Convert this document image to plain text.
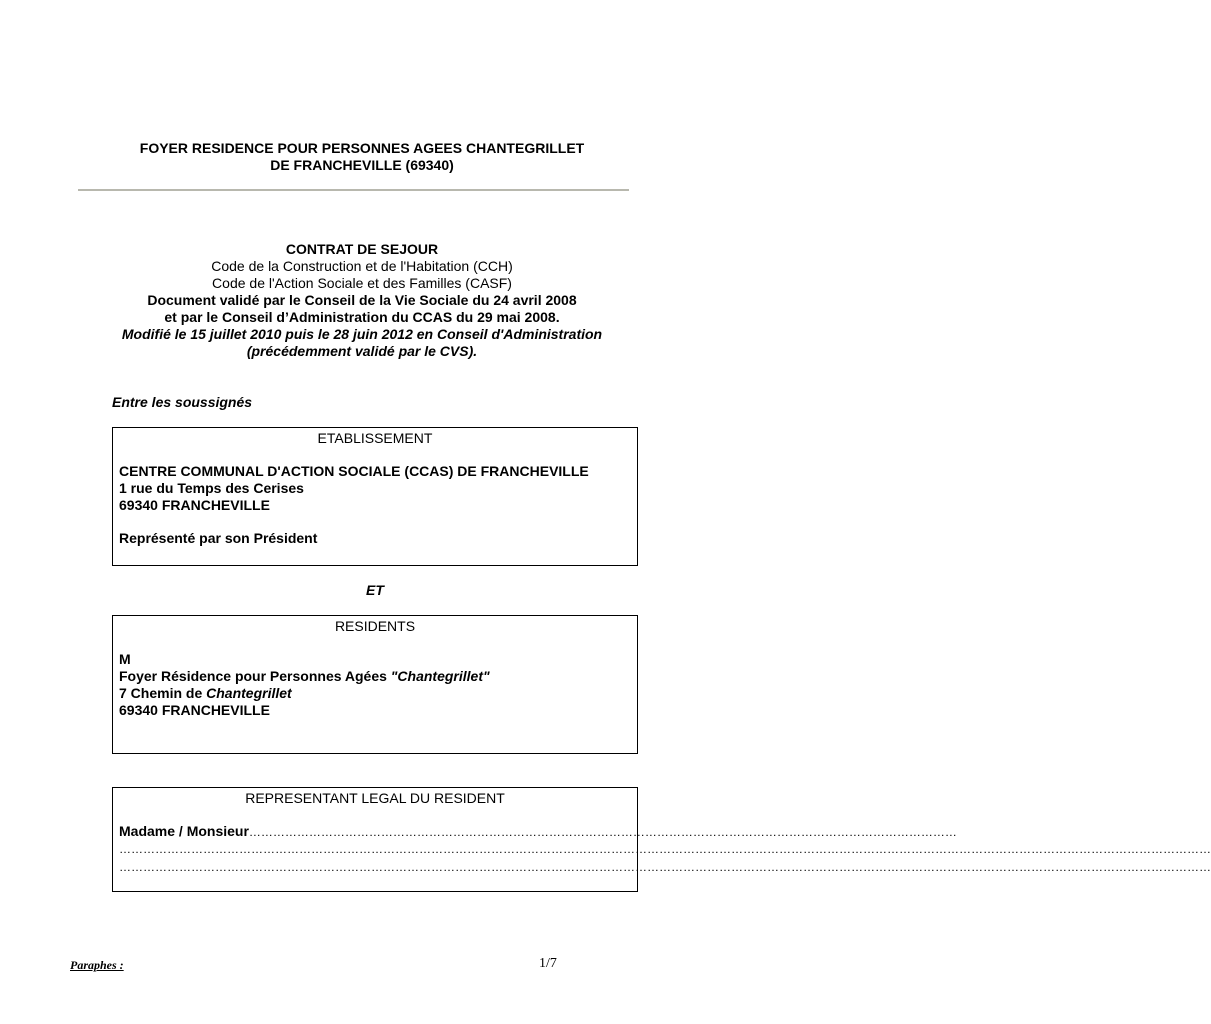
FOYER RESIDENCE POUR PERSONNES AGEES CHANTEGRILLET
DE FRANCHEVILLE (69340)
CONTRAT DE SEJOUR
Code de la Construction et de l'Habitation (CCH)
Code de l'Action Sociale et des Familles (CASF)
Document validé par le Conseil de la Vie Sociale du 24 avril 2008
et par le Conseil d’Administration du CCAS du 29 mai 2008.
Modifié le 15 juillet 2010 puis le 28 juin 2012 en Conseil d'Administration
(précédemment validé par le CVS).
Entre les soussignés
ETABLISSEMENT
CENTRE COMMUNAL D'ACTION SOCIALE (CCAS) DE FRANCHEVILLE
1 rue du Temps des Cerises
69340 FRANCHEVILLE
Représenté par son Président
ET
RESIDENTS
M
Foyer Résidence pour Personnes Agées "Chantegrillet"
7 Chemin de Chantegrillet
69340 FRANCHEVILLE
REPRESENTANT LEGAL DU RESIDENT
Madame / Monsieur……………………………………………………………………………………………………………………………………………………………
…………………………………………………………………………………………………………………………………………………………………………………………………………………………………………………
…………………………………………………………………………………………………………………………………………………………………………………………………………………………………………………
Paraphes :	1/7
